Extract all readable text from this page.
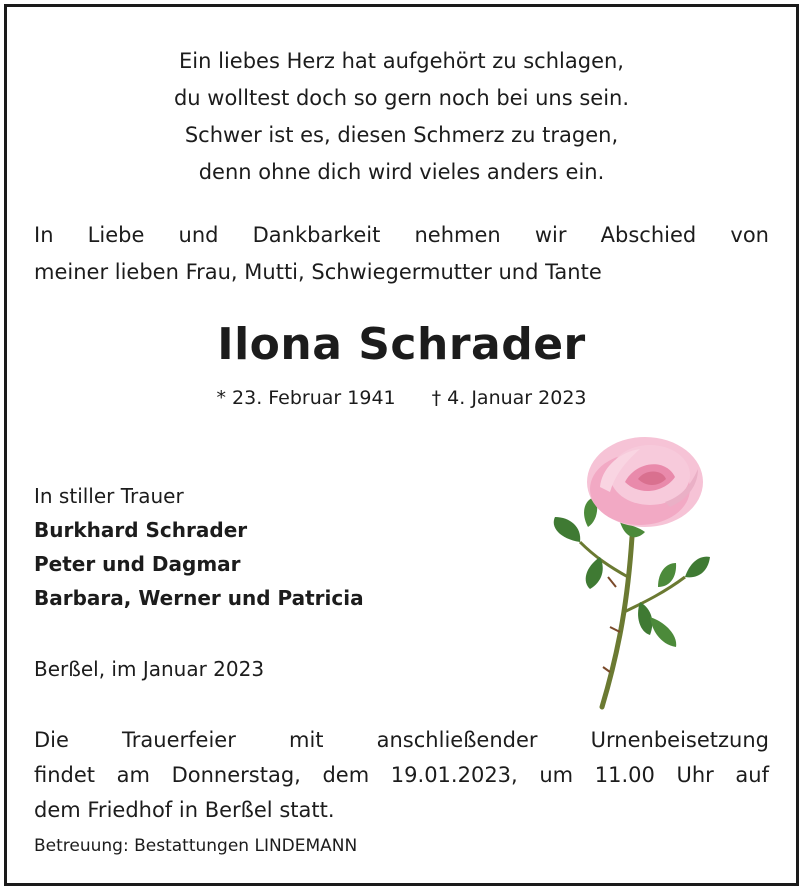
Ein liebes Herz hat aufgehört zu schlagen,
du wolltest doch so gern noch bei uns sein.
Schwer ist es, diesen Schmerz zu tragen,
denn ohne dich wird vieles anders ein.
In Liebe und Dankbarkeit nehmen wir Abschied von
meiner lieben Frau, Mutti, Schwiegermutter und Tante
Ilona Schrader
* 23. Februar 1941 † 4. Januar 2023
In stiller Trauer
Burkhard Schrader
Peter und Dagmar
Barbara, Werner und Patricia
Berßel, im Januar 2023
Die Trauerfeier mit anschließender Urnenbeisetzung
findet am Donnerstag, dem 19.01.2023, um 11.00 Uhr auf
dem Friedhof in Berßel statt.
Betreuung: Bestattungen LINDEMANN
